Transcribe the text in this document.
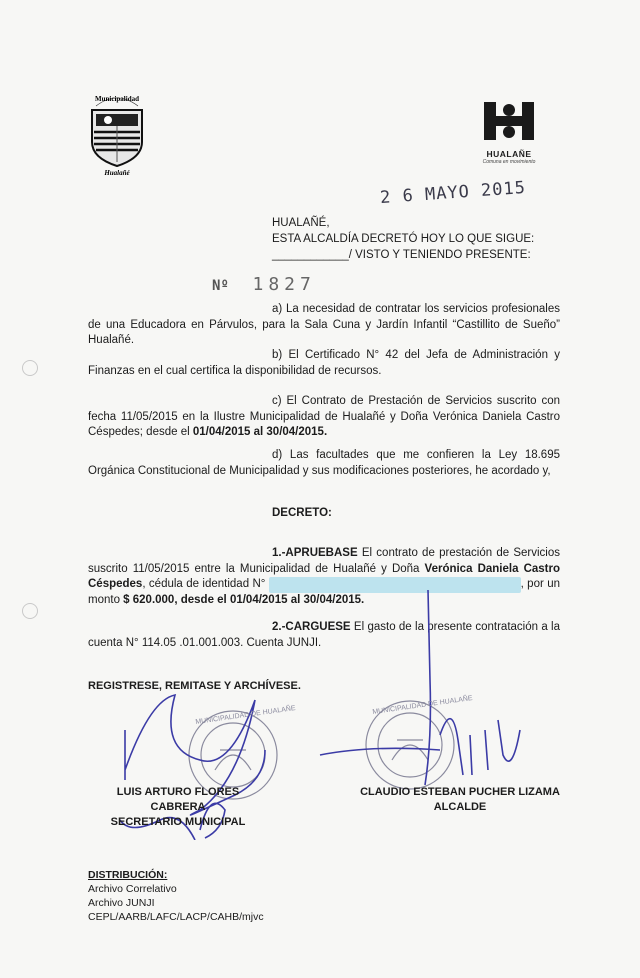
Municipalidad
Hualañé
HUALAÑE
Comuna en movimiento
2 6 MAYO 2015
HUALAÑÉ,
ESTA ALCALDÍA DECRETÓ HOY LO QUE SIGUE:
____________/ VISTO Y TENIENDO PRESENTE:
Nº 1827
a) La necesidad de contratar los servicios profesionales de una Educadora en Párvulos, para la Sala Cuna y Jardín Infantil “Castillito de Sueño” Hualañé.
b) El Certificado N° 42 del Jefa de Administración y Finanzas en el cual certifica la disponibilidad de recursos.
c) El Contrato de Prestación de Servicios suscrito con fecha 11/05/2015 en la Ilustre Municipalidad de Hualañé y Doña Verónica Daniela Castro Céspedes; desde el 01/04/2015 al 30/04/2015.
d) Las facultades que me confieren la Ley 18.695 Orgánica Constitucional de Municipalidad y sus modificaciones posteriores, he acordado y,
DECRETO:
1.-APRUEBASE El contrato de prestación de Servicios suscrito 11/05/2015 entre la Municipalidad de Hualañé y Doña Verónica Daniela Castro Céspedes, cédula de identidad N°	, por un monto $ 620.000, desde el 01/04/2015 al 30/04/2015.
2.-CARGUESE El gasto de la presente contratación a la cuenta N° 114.05 .01.001.003. Cuenta JUNJI.
REGISTRESE, REMITASE Y ARCHÍVESE.
MUNICIPALIDAD DE HUALAÑE	MUNICIPALIDAD DE HUALAÑE
LUIS ARTURO FLORES CABRERA
SECRETARIO MUNICIPAL
CLAUDIO ESTEBAN PUCHER LIZAMA
ALCALDE
DISTRIBUCIÓN:
Archivo Correlativo
Archivo JUNJI
CEPL/AARB/LAFC/LACP/CAHB/mjvc
